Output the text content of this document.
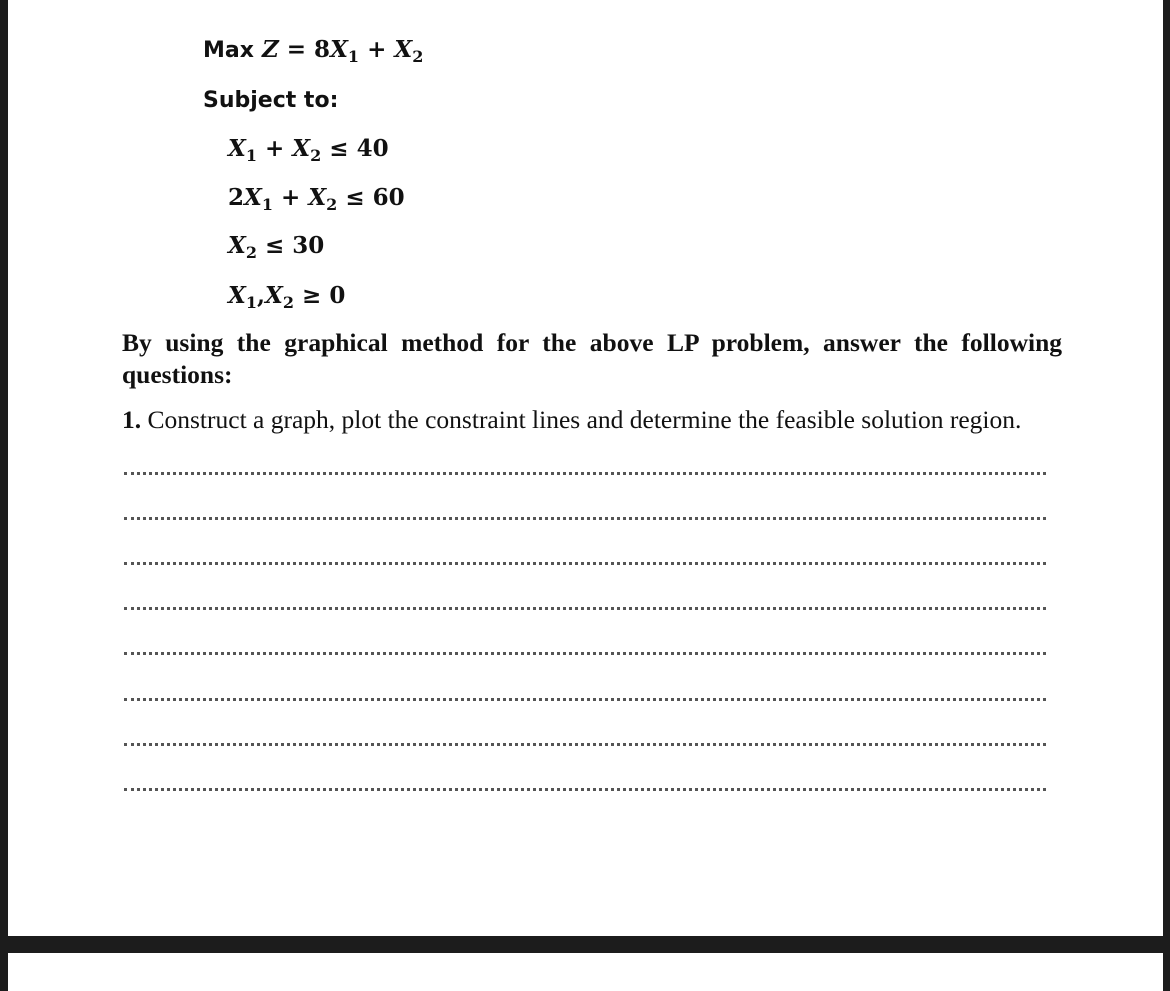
Max $Z = 8X_1 + X_2$
Subject to:
$X_1 + X_2 \le 40$
$2X_1 + X_2 \le 60$
$X_2 \le 30$
$X_1,X_2 \ge 0$
By using the graphical method for the above LP problem, answer the following questions:
1. Construct a graph, plot the constraint lines and determine the feasible solution region.
